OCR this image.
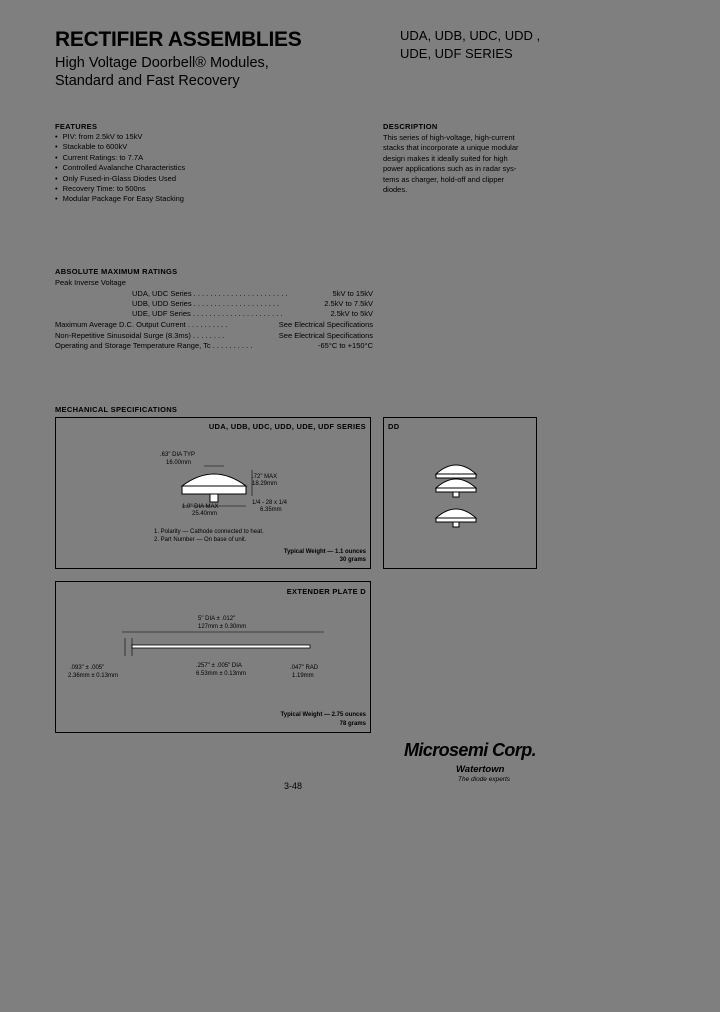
RECTIFIER ASSEMBLIES
High Voltage Doorbell® Modules,
Standard and Fast Recovery
UDA, UDB, UDC, UDD ,
UDE, UDF SERIES
FEATURES
• PIV: from 2.5kV to 15kV
• Stackable to 600kV
• Current Ratings: to 7.7A
• Controlled Avalanche Characteristics
• Only Fused-in-Glass Diodes Used
• Recovery Time: to 500ns
• Modular Package For Easy Stacking
DESCRIPTION
This series of high-voltage, high-current
stacks that incorporate a unique modular
design makes it ideally suited for high
power applications such as in radar sys-
tems as charger, hold-off and clipper
diodes.
ABSOLUTE MAXIMUM RATINGS
Peak Inverse Voltage
UDA, UDC Series . . . . . . . . . . . . . . . . . . . . . . .	5kV to 15kV
UDB, UDD Series . . . . . . . . . . . . . . . . . . . . .	2.5kV to 7.5kV
UDE, UDF Series . . . . . . . . . . . . . . . . . . . . . .	2.5kV to 5kV
Maximum Average D.C. Output Current . . . . . . . . . .	See Electrical Specifications
Non-Repetitive Sinusoidal Surge (8.3ms) . . . . . . . .	See Electrical Specifications
Operating and Storage Temperature Range, Tc . . . . . . . . . .	-65°C to +150°C
MECHANICAL SPECIFICATIONS
UDA, UDB, UDC, UDD, UDE, UDF SERIES
.63" DIA TYP
16.00mm
.72" MAX
18.29mm
1/4 - 28 x 1/4
6.35mm
1.0" DIA MAX
25.40mm
1. Polarity — Cathode connected to heat.
2. Part Number — On base of unit.
Typical Weight — 1.1 ounces
30 grams
DD
EXTENDER PLATE D
5" DIA ± .012"
127mm ± 0.30mm
.093" ± .005"
2.36mm ± 0.13mm
.257" ± .005" DIA
6.53mm ± 0.13mm
.047" RAD
1.19mm
Typical Weight — 2.75 ounces
78 grams
Microsemi Corp.
Watertown
The diode experts
3-48
